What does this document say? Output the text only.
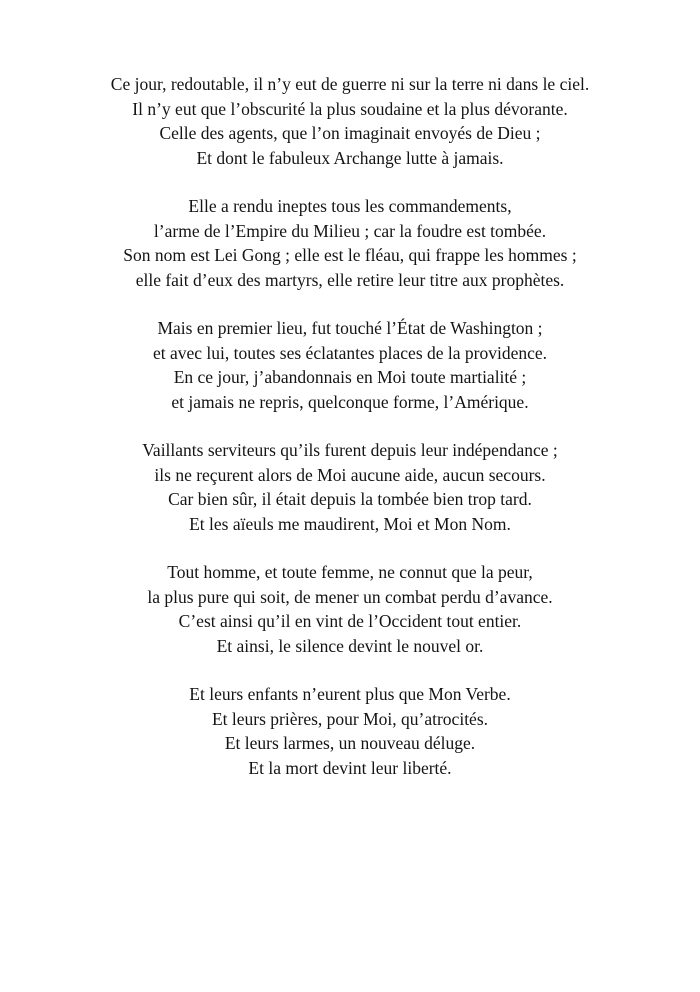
Ce jour, redoutable, il n’y eut de guerre ni sur la terre ni dans le ciel.
Il n’y eut que l’obscurité la plus soudaine et la plus dévorante.
Celle des agents, que l’on imaginait envoyés de Dieu ;
Et dont le fabuleux Archange lutte à jamais.
Elle a rendu ineptes tous les commandements,
l’arme de l’Empire du Milieu ; car la foudre est tombée.
Son nom est Lei Gong ; elle est le fléau, qui frappe les hommes ;
elle fait d’eux des martyrs, elle retire leur titre aux prophètes.
Mais en premier lieu, fut touché l’État de Washington ;
et avec lui, toutes ses éclatantes places de la providence.
En ce jour, j’abandonnais en Moi toute martialité ;
et jamais ne repris, quelconque forme, l’Amérique.
Vaillants serviteurs qu’ils furent depuis leur indépendance ;
ils ne reçurent alors de Moi aucune aide, aucun secours.
Car bien sûr, il était depuis la tombée bien trop tard.
Et les aïeuls me maudirent, Moi et Mon Nom.
Tout homme, et toute femme, ne connut que la peur,
la plus pure qui soit, de mener un combat perdu d’avance.
C’est ainsi qu’il en vint de l’Occident tout entier.
Et ainsi, le silence devint le nouvel or.
Et leurs enfants n’eurent plus que Mon Verbe.
Et leurs prières, pour Moi, qu’atrocités.
Et leurs larmes, un nouveau déluge.
Et la mort devint leur liberté.
